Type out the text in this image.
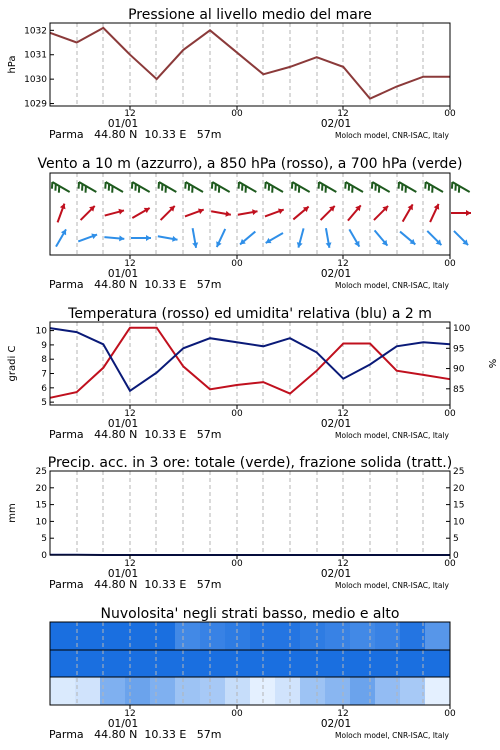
Pressione al livello medio del mare
1029
1030
1031
1032
hPa
12	00	12	00
01/01	02/01
Parma   44.80 N  10.33 E   57m	Moloch model, CNR-ISAC, Italy
Vento a 10 m (azzurro), a 850 hPa (rosso), a 700 hPa (verde)
12	00	12	00
01/01	02/01
Parma   44.80 N  10.33 E   57m	Moloch model, CNR-ISAC, Italy
Temperatura (rosso) ed umidita' relativa (blu) a 2 m
5
6
7
8
9
10
85
90
95
100
gradi C	%
12	00	12	00
01/01	02/01
Parma   44.80 N  10.33 E   57m	Moloch model, CNR-ISAC, Italy
Precip. acc. in 3 ore: totale (verde), frazione solida (tratt.)
0
5
10
15
20
25
0
5
10
15
20
25
mm
12	00	12	00
01/01	02/01
Parma   44.80 N  10.33 E   57m	Moloch model, CNR-ISAC, Italy
Nuvolosita' negli strati basso, medio e alto
12	00	12	00
01/01	02/01
Parma   44.80 N  10.33 E   57m	Moloch model, CNR-ISAC, Italy
